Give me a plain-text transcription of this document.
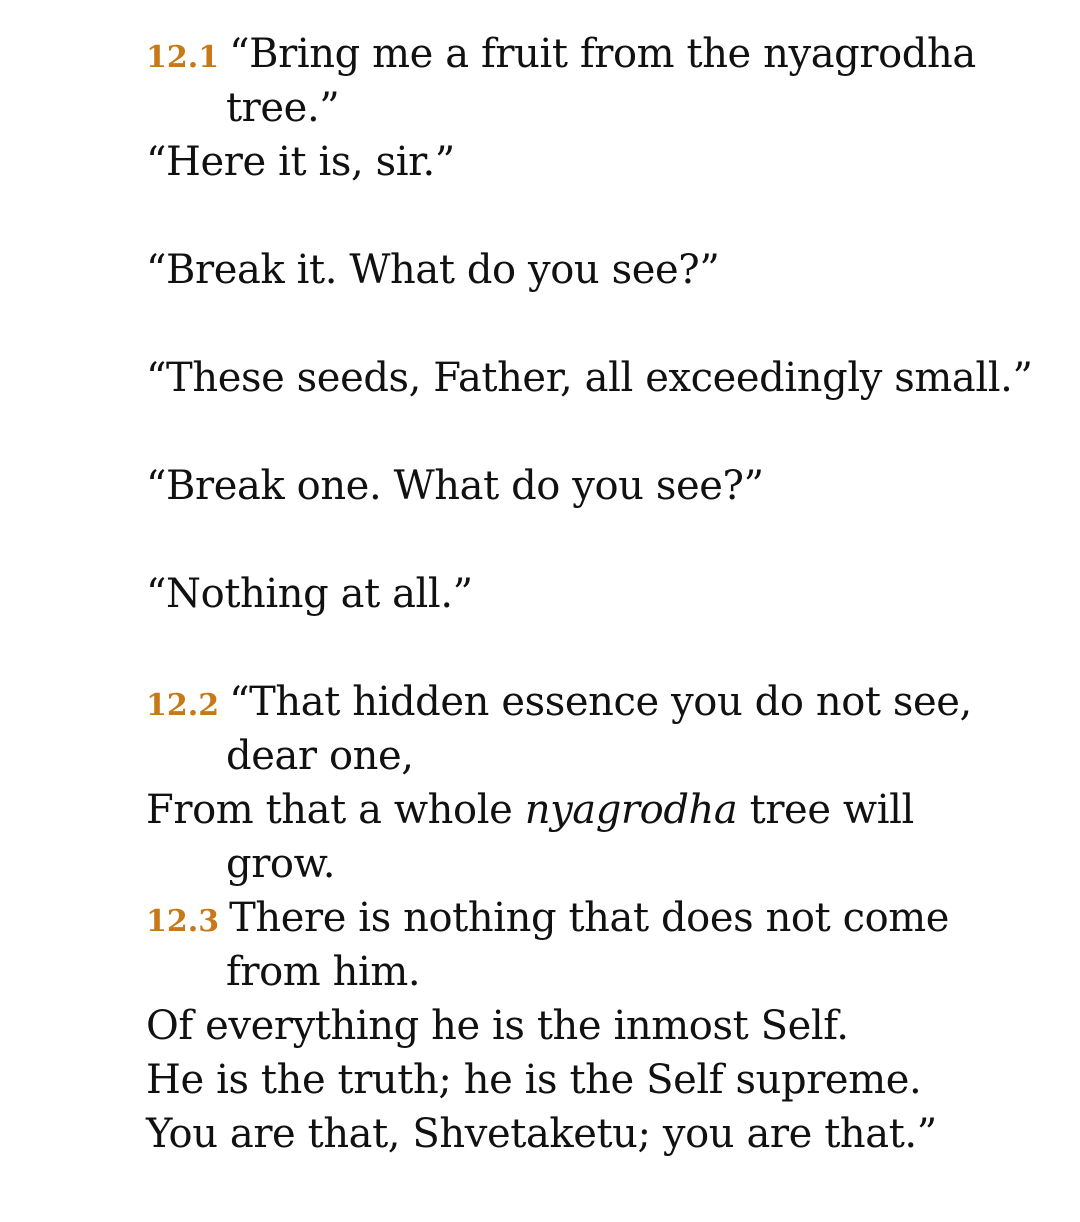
12.1 “Bring me a fruit from the nyagrodha
tree.”
“Here it is, sir.”
“Break it. What do you see?”
“These seeds, Father, all exceedingly small.”
“Break one. What do you see?”
“Nothing at all.”
12.2 “That hidden essence you do not see,
dear one,
From that a whole nyagrodha tree will
grow.
12.3 There is nothing that does not come
from him.
Of everything he is the inmost Self.
He is the truth; he is the Self supreme.
You are that, Shvetaketu; you are that.”
